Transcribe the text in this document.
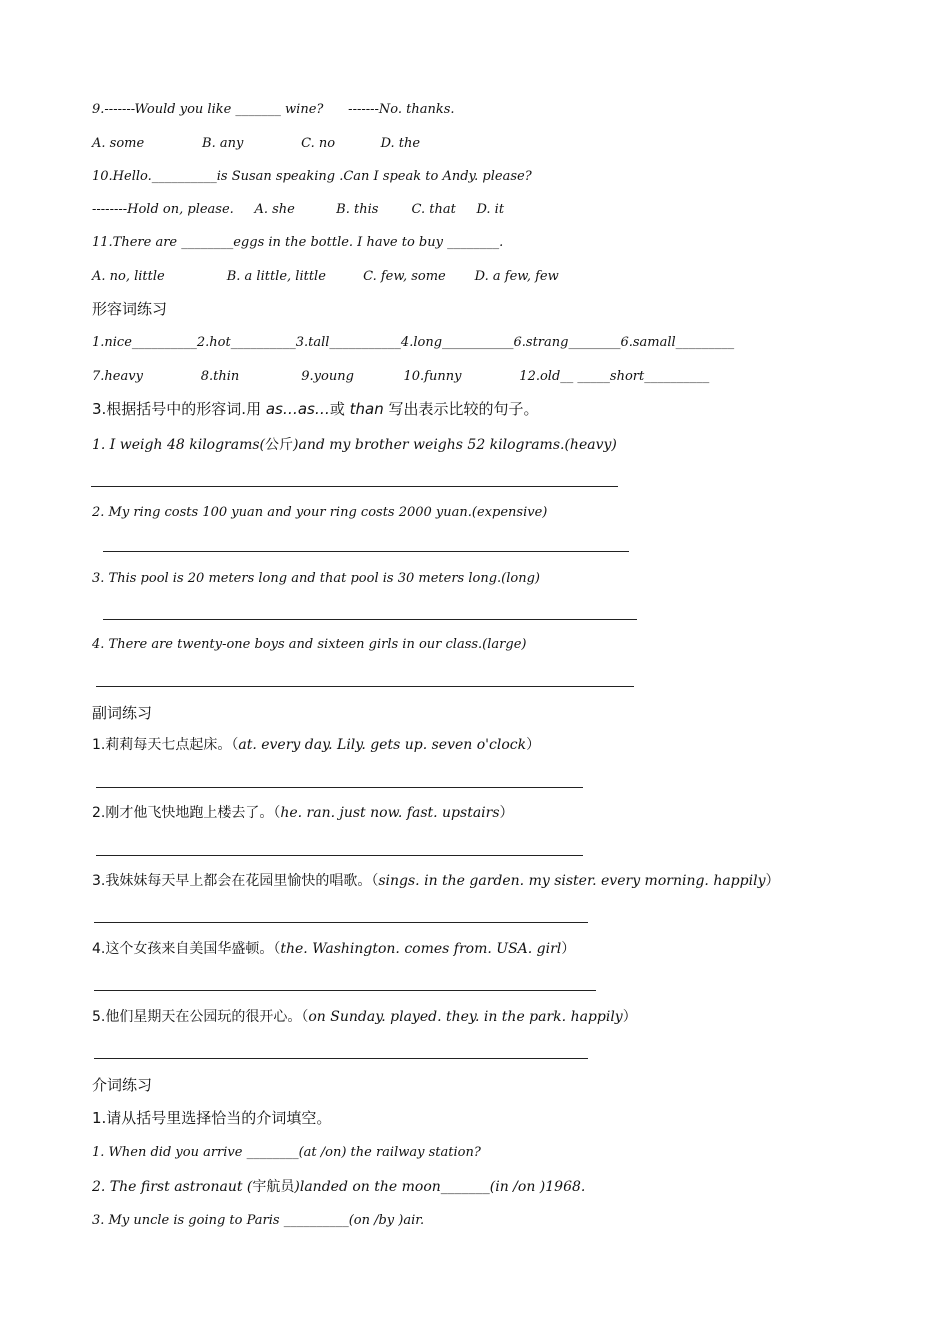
9.-------Would you like _______ wine?      -------No. thanks.
A. some              B. any              C. no           D. the
10.Hello.__________is Susan speaking .Can I speak to Andy. please?
--------Hold on, please.     A. she          B. this        C. that     D. it
11.There are ________eggs in the bottle. I have to buy ________.
A. no, little               B. a little, little         C. few, some       D. a few, few
形容词练习
1.nice__________2.hot__________3.tall___________4.long___________6.strang________6.samall_________
7.heavy              8.thin               9.young            10.funny              12.old__ _____short__________
3.根据括号中的形容词.用 as…as…或 than 写出表示比较的句子。
1. I weigh 48 kilograms(公斤)and my brother weighs 52 kilograms.(heavy)
2. My ring costs 100 yuan and your ring costs 2000 yuan.(expensive)
3. This pool is 20 meters long and that pool is 30 meters long.(long)
4. There are twenty-one boys and sixteen girls in our class.(large)
副词练习
1.莉莉每天七点起床。（at. every day. Lily. gets up. seven o'clock）
2.刚才他飞快地跑上楼去了。（he. ran. just now. fast. upstairs）
3.我妹妹每天早上都会在花园里愉快的唱歌。（sings. in the garden. my sister. every morning. happily）
4.这个女孩来自美国华盛顿。（the. Washington. comes from. USA. girl）
5.他们星期天在公园玩的很开心。（on Sunday. played. they. in the park. happily）
介词练习
1.请从括号里选择恰当的介词填空。
1. When did you arrive ________(at /on) the railway station?
2. The first astronaut (宇航员)landed on the moon_______(in /on )1968.
3. My uncle is going to Paris __________(on /by )air.
